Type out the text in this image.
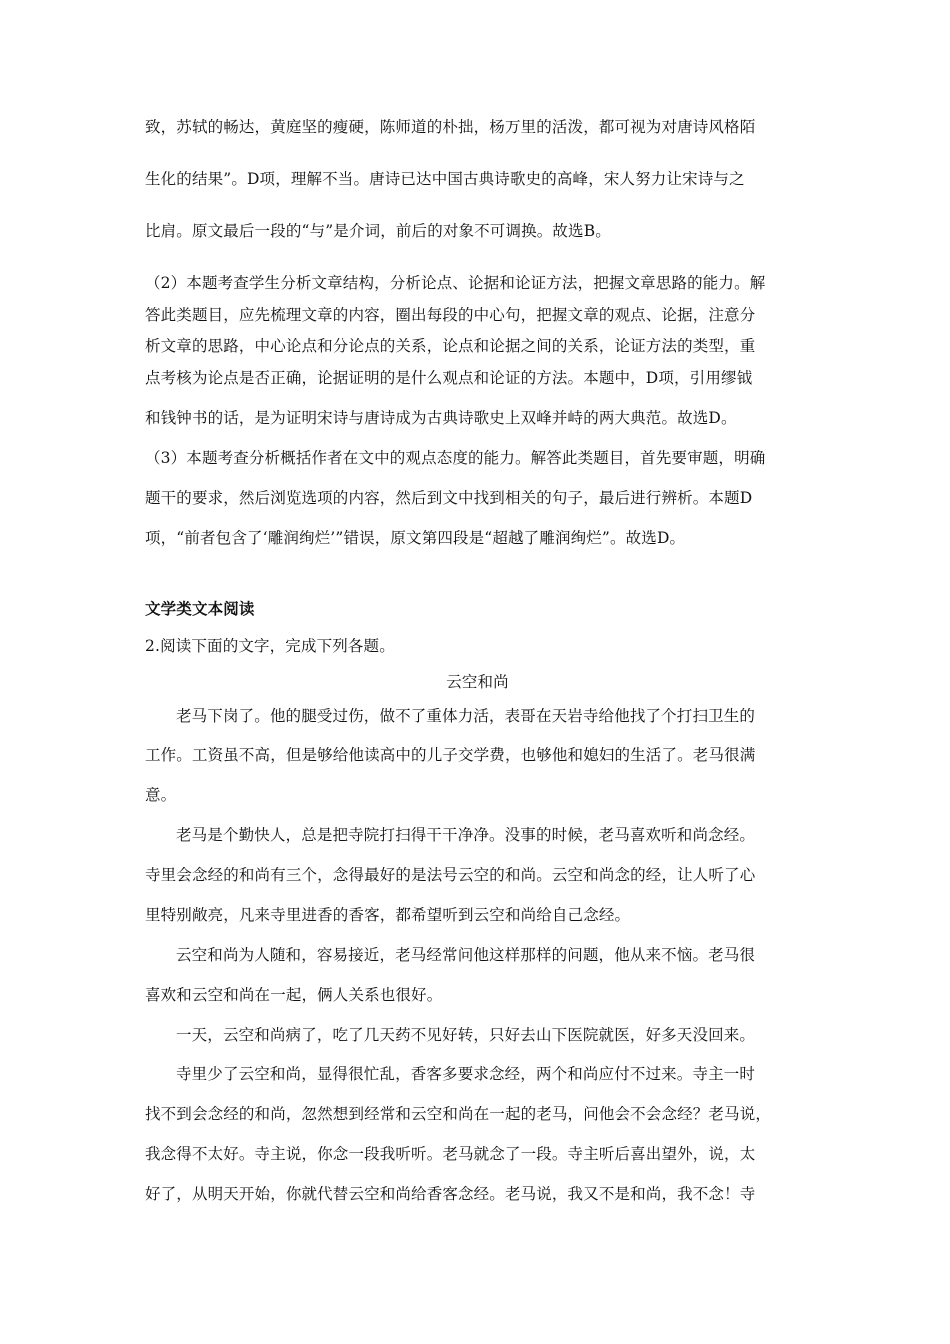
致，苏轼的畅达，黄庭坚的瘦硬，陈师道的朴拙，杨万里的活泼，都可视为对唐诗风格陌
生化的结果”。D项，理解不当。唐诗已达中国古典诗歌史的高峰，宋人努力让宋诗与之
比肩。原文最后一段的“与”是介词，前后的对象不可调换。故选B。
（2）本题考查学生分析文章结构，分析论点、论据和论证方法，把握文章思路的能力。解
答此类题目，应先梳理文章的内容，圈出每段的中心句，把握文章的观点、论据，注意分
析文章的思路，中心论点和分论点的关系，论点和论据之间的关系，论证方法的类型，重
点考核为论点是否正确，论据证明的是什么观点和论证的方法。本题中，D项，引用缪钺
和钱钟书的话，是为证明宋诗与唐诗成为古典诗歌史上双峰并峙的两大典范。故选D。
（3）本题考查分析概括作者在文中的观点态度的能力。解答此类题目，首先要审题，明确
题干的要求，然后浏览选项的内容，然后到文中找到相关的句子，最后进行辨析。本题D
项，“前者包含了‘雕润绚烂’”错误，原文第四段是“超越了雕润绚烂”。故选D。
文学类文本阅读
2.阅读下面的文字，完成下列各题。
云空和尚
老马下岗了。他的腿受过伤，做不了重体力活，表哥在天岩寺给他找了个打扫卫生的
工作。工资虽不高，但是够给他读高中的儿子交学费，也够他和媳妇的生活了。老马很满
意。
老马是个勤快人，总是把寺院打扫得干干净净。没事的时候，老马喜欢听和尚念经。
寺里会念经的和尚有三个，念得最好的是法号云空的和尚。云空和尚念的经，让人听了心
里特别敞亮，凡来寺里进香的香客，都希望听到云空和尚给自己念经。
云空和尚为人随和，容易接近，老马经常问他这样那样的问题，他从来不恼。老马很
喜欢和云空和尚在一起，俩人关系也很好。
一天，云空和尚病了，吃了几天药不见好转，只好去山下医院就医，好多天没回来。
寺里少了云空和尚，显得很忙乱，香客多要求念经，两个和尚应付不过来。寺主一时
找不到会念经的和尚，忽然想到经常和云空和尚在一起的老马，问他会不会念经？老马说，
我念得不太好。寺主说，你念一段我听听。老马就念了一段。寺主听后喜出望外，说，太
好了，从明天开始，你就代替云空和尚给香客念经。老马说，我又不是和尚，我不念！寺
